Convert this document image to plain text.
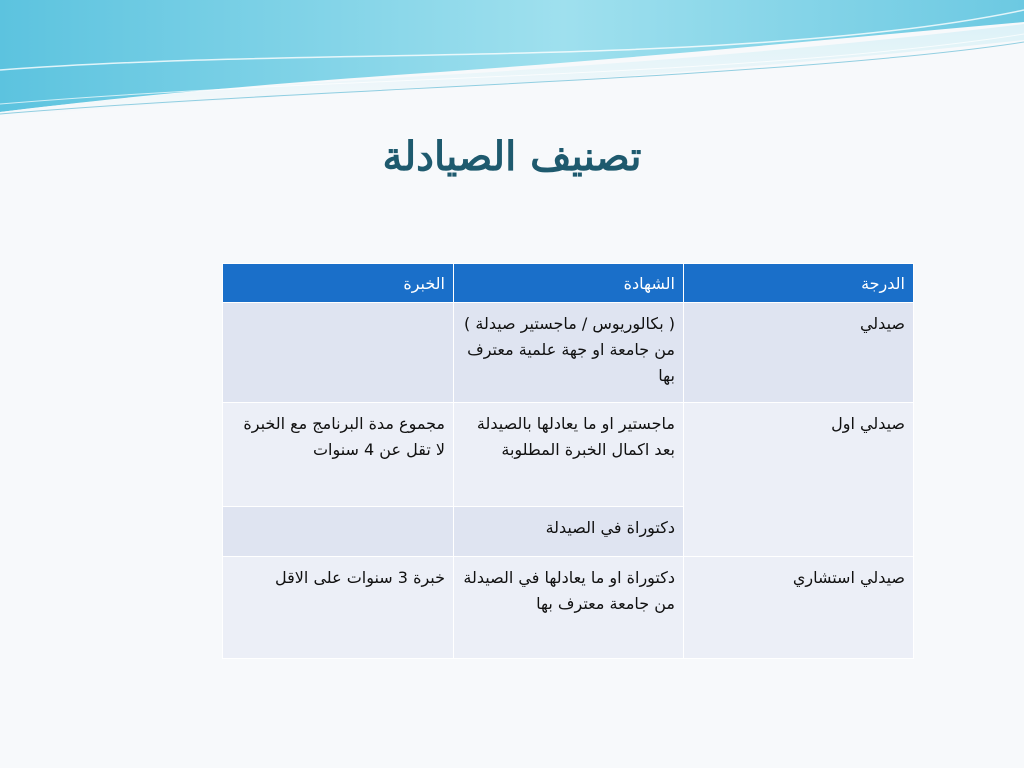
تصنيف الصيادلة
الدرجة	الشهادة	الخبرة
صيدلي	( بكالوريوس / ماجستير صيدلة ) من جامعة او جهة علمية معترف بها	
صيدلي اول	ماجستير او ما يعادلها بالصيدلة بعد اكمال الخبرة المطلوبة	مجموع مدة البرنامج مع الخبرة لا تقل عن 4 سنوات
	دكتوراة في الصيدلة	
صيدلي استشاري	دكتوراة او ما يعادلها في الصيدلة من جامعة معترف بها	خبرة 3 سنوات على الاقل
